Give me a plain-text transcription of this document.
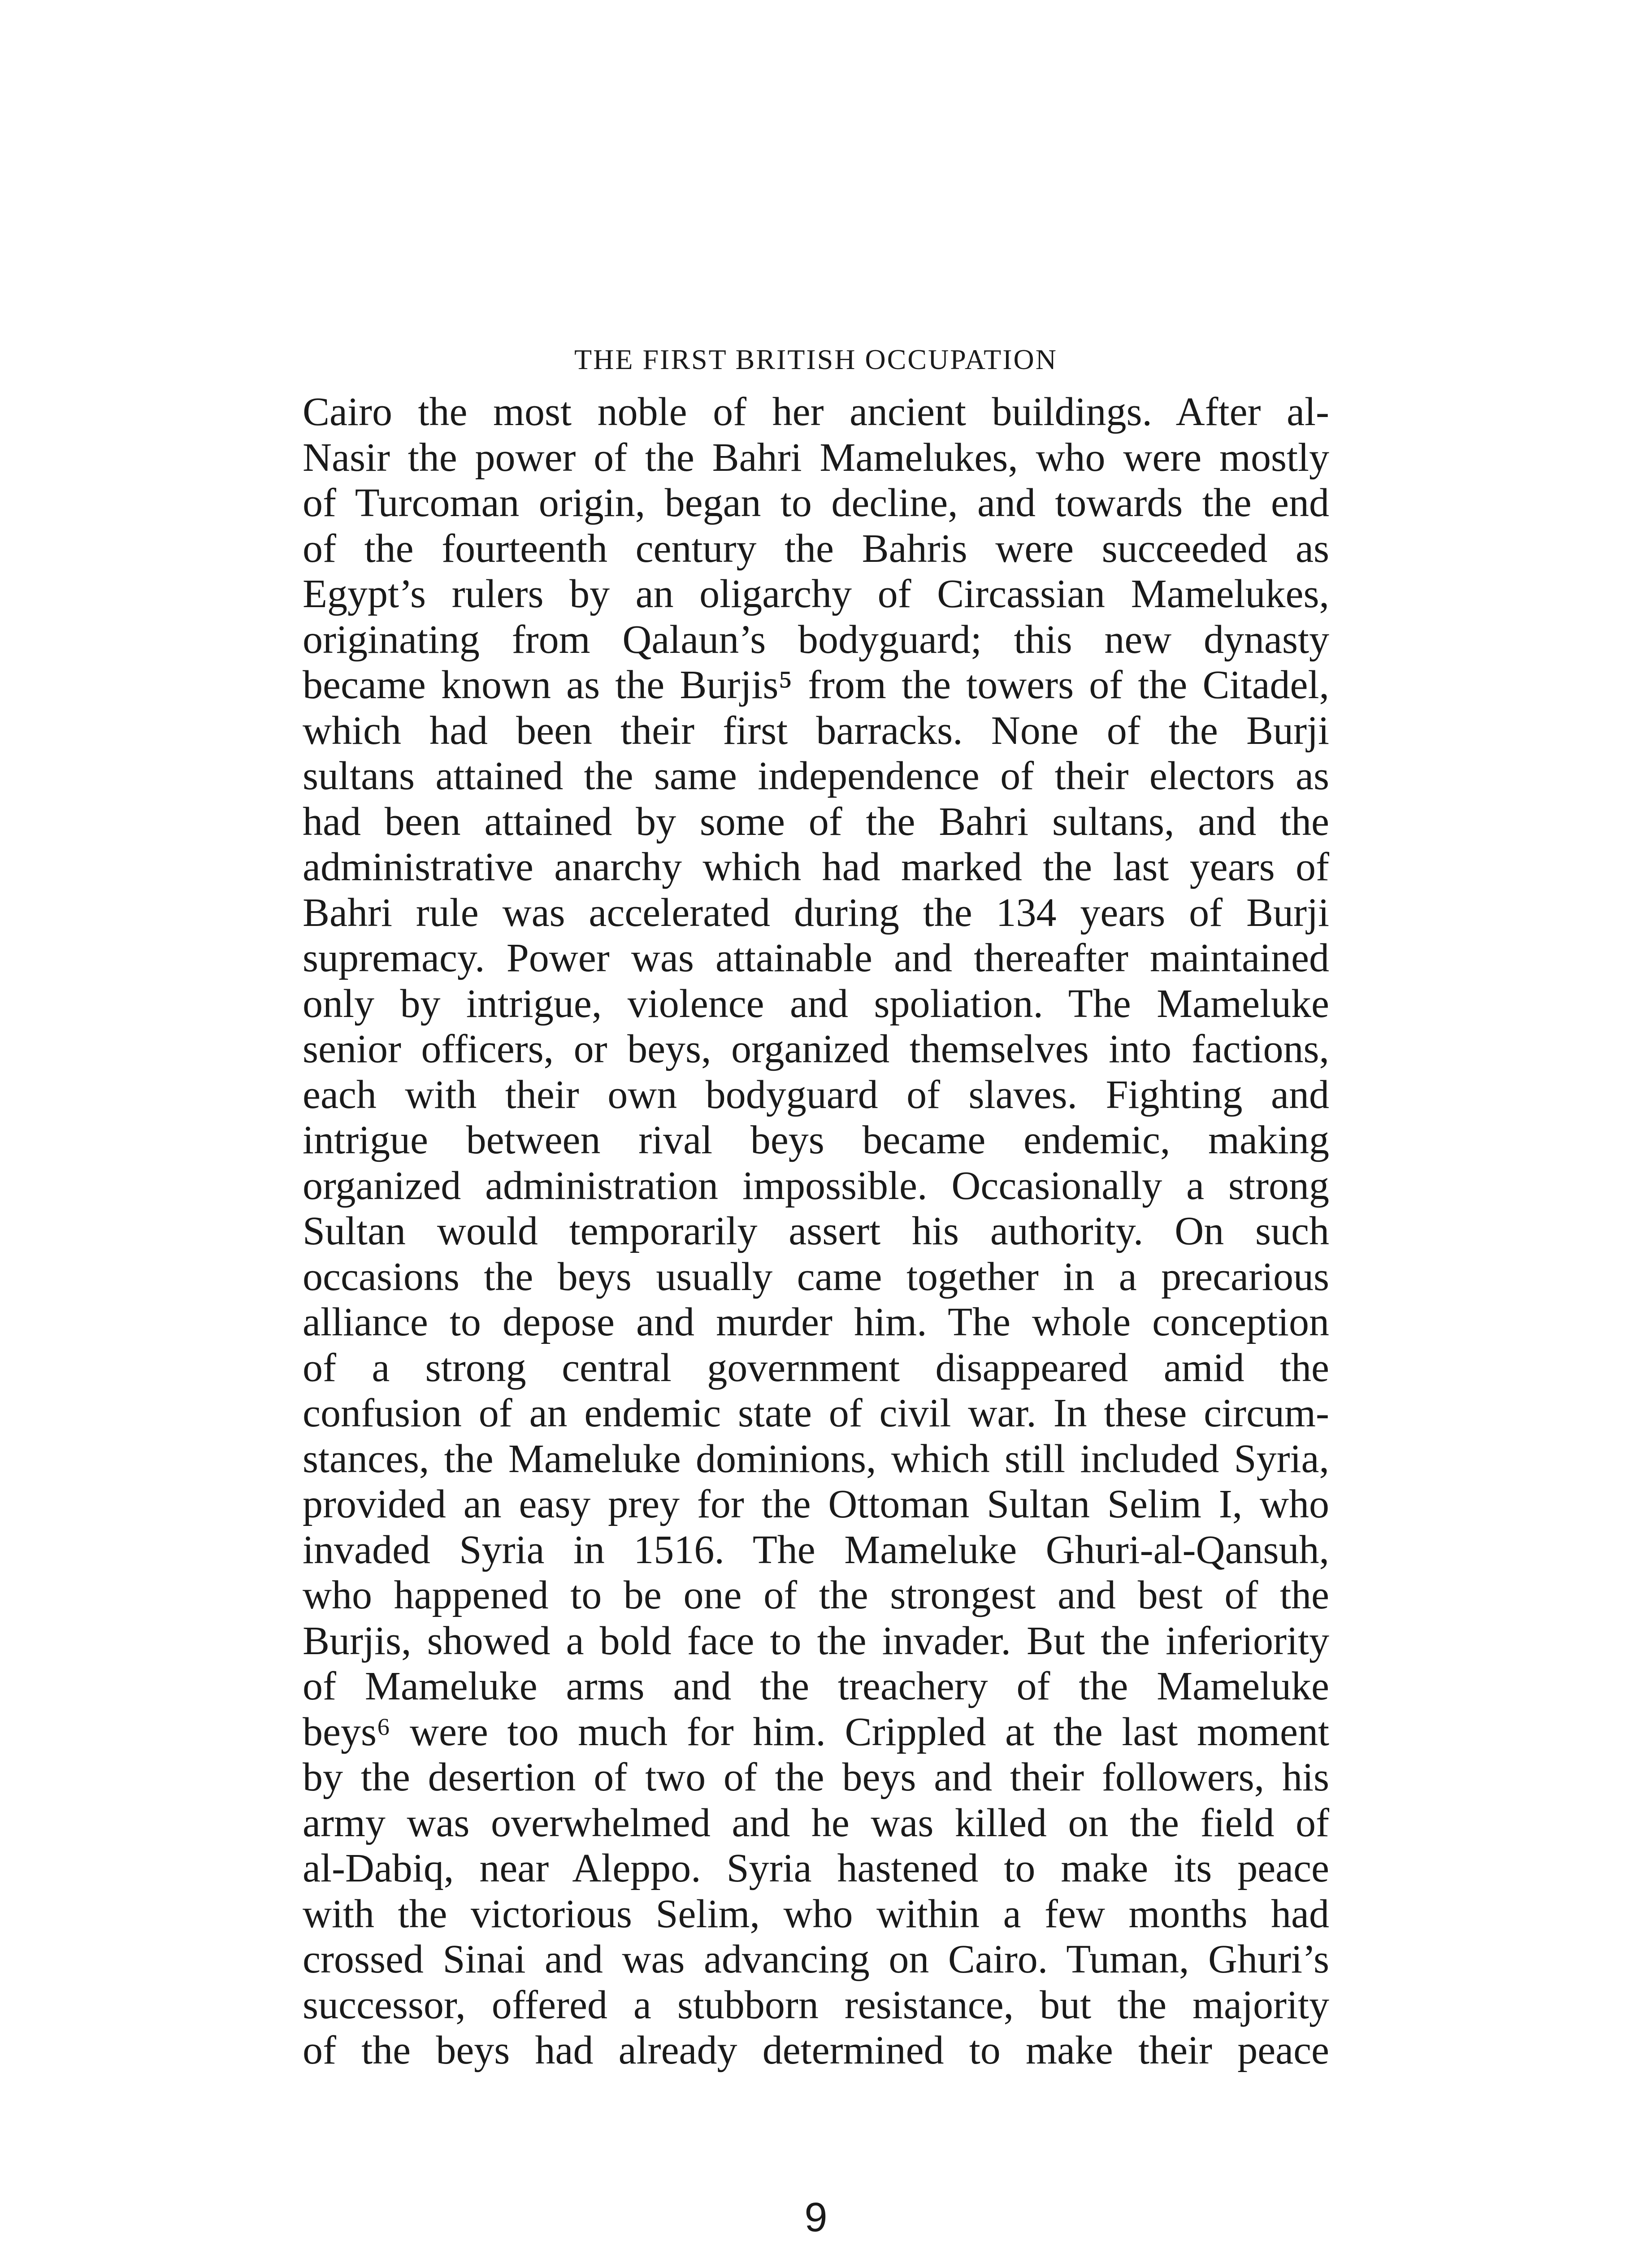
THE FIRST BRITISH OCCUPATION
Cairo the most noble of her ancient buildings. After al-
Nasir the power of the Bahri Mamelukes, who were mostly
of Turcoman origin, began to decline, and towards the end
of the fourteenth century the Bahris were succeeded as
Egypt’s rulers by an oligarchy of Circassian Mamelukes,
originating from Qalaun’s bodyguard; this new dynasty
became known as the Burjis⁵ from the towers of the Citadel,
which had been their first barracks. None of the Burji
sultans attained the same independence of their electors as
had been attained by some of the Bahri sultans, and the
administrative anarchy which had marked the last years of
Bahri rule was accelerated during the 134 years of Burji
supremacy. Power was attainable and thereafter maintained
only by intrigue, violence and spoliation. The Mameluke
senior officers, or beys, organized themselves into factions,
each with their own bodyguard of slaves. Fighting and
intrigue between rival beys became endemic, making
organized administration impossible. Occasionally a strong
Sultan would temporarily assert his authority. On such
occasions the beys usually came together in a precarious
alliance to depose and murder him. The whole conception
of a strong central government disappeared amid the
confusion of an endemic state of civil war. In these circum-
stances, the Mameluke dominions, which still included Syria,
provided an easy prey for the Ottoman Sultan Selim I, who
invaded Syria in 1516. The Mameluke Ghuri-al-Qansuh,
who happened to be one of the strongest and best of the
Burjis, showed a bold face to the invader. But the inferiority
of Mameluke arms and the treachery of the Mameluke
beys⁶ were too much for him. Crippled at the last moment
by the desertion of two of the beys and their followers, his
army was overwhelmed and he was killed on the field of
al-Dabiq, near Aleppo. Syria hastened to make its peace
with the victorious Selim, who within a few months had
crossed Sinai and was advancing on Cairo. Tuman, Ghuri’s
successor, offered a stubborn resistance, but the majority
of the beys had already determined to make their peace
9
